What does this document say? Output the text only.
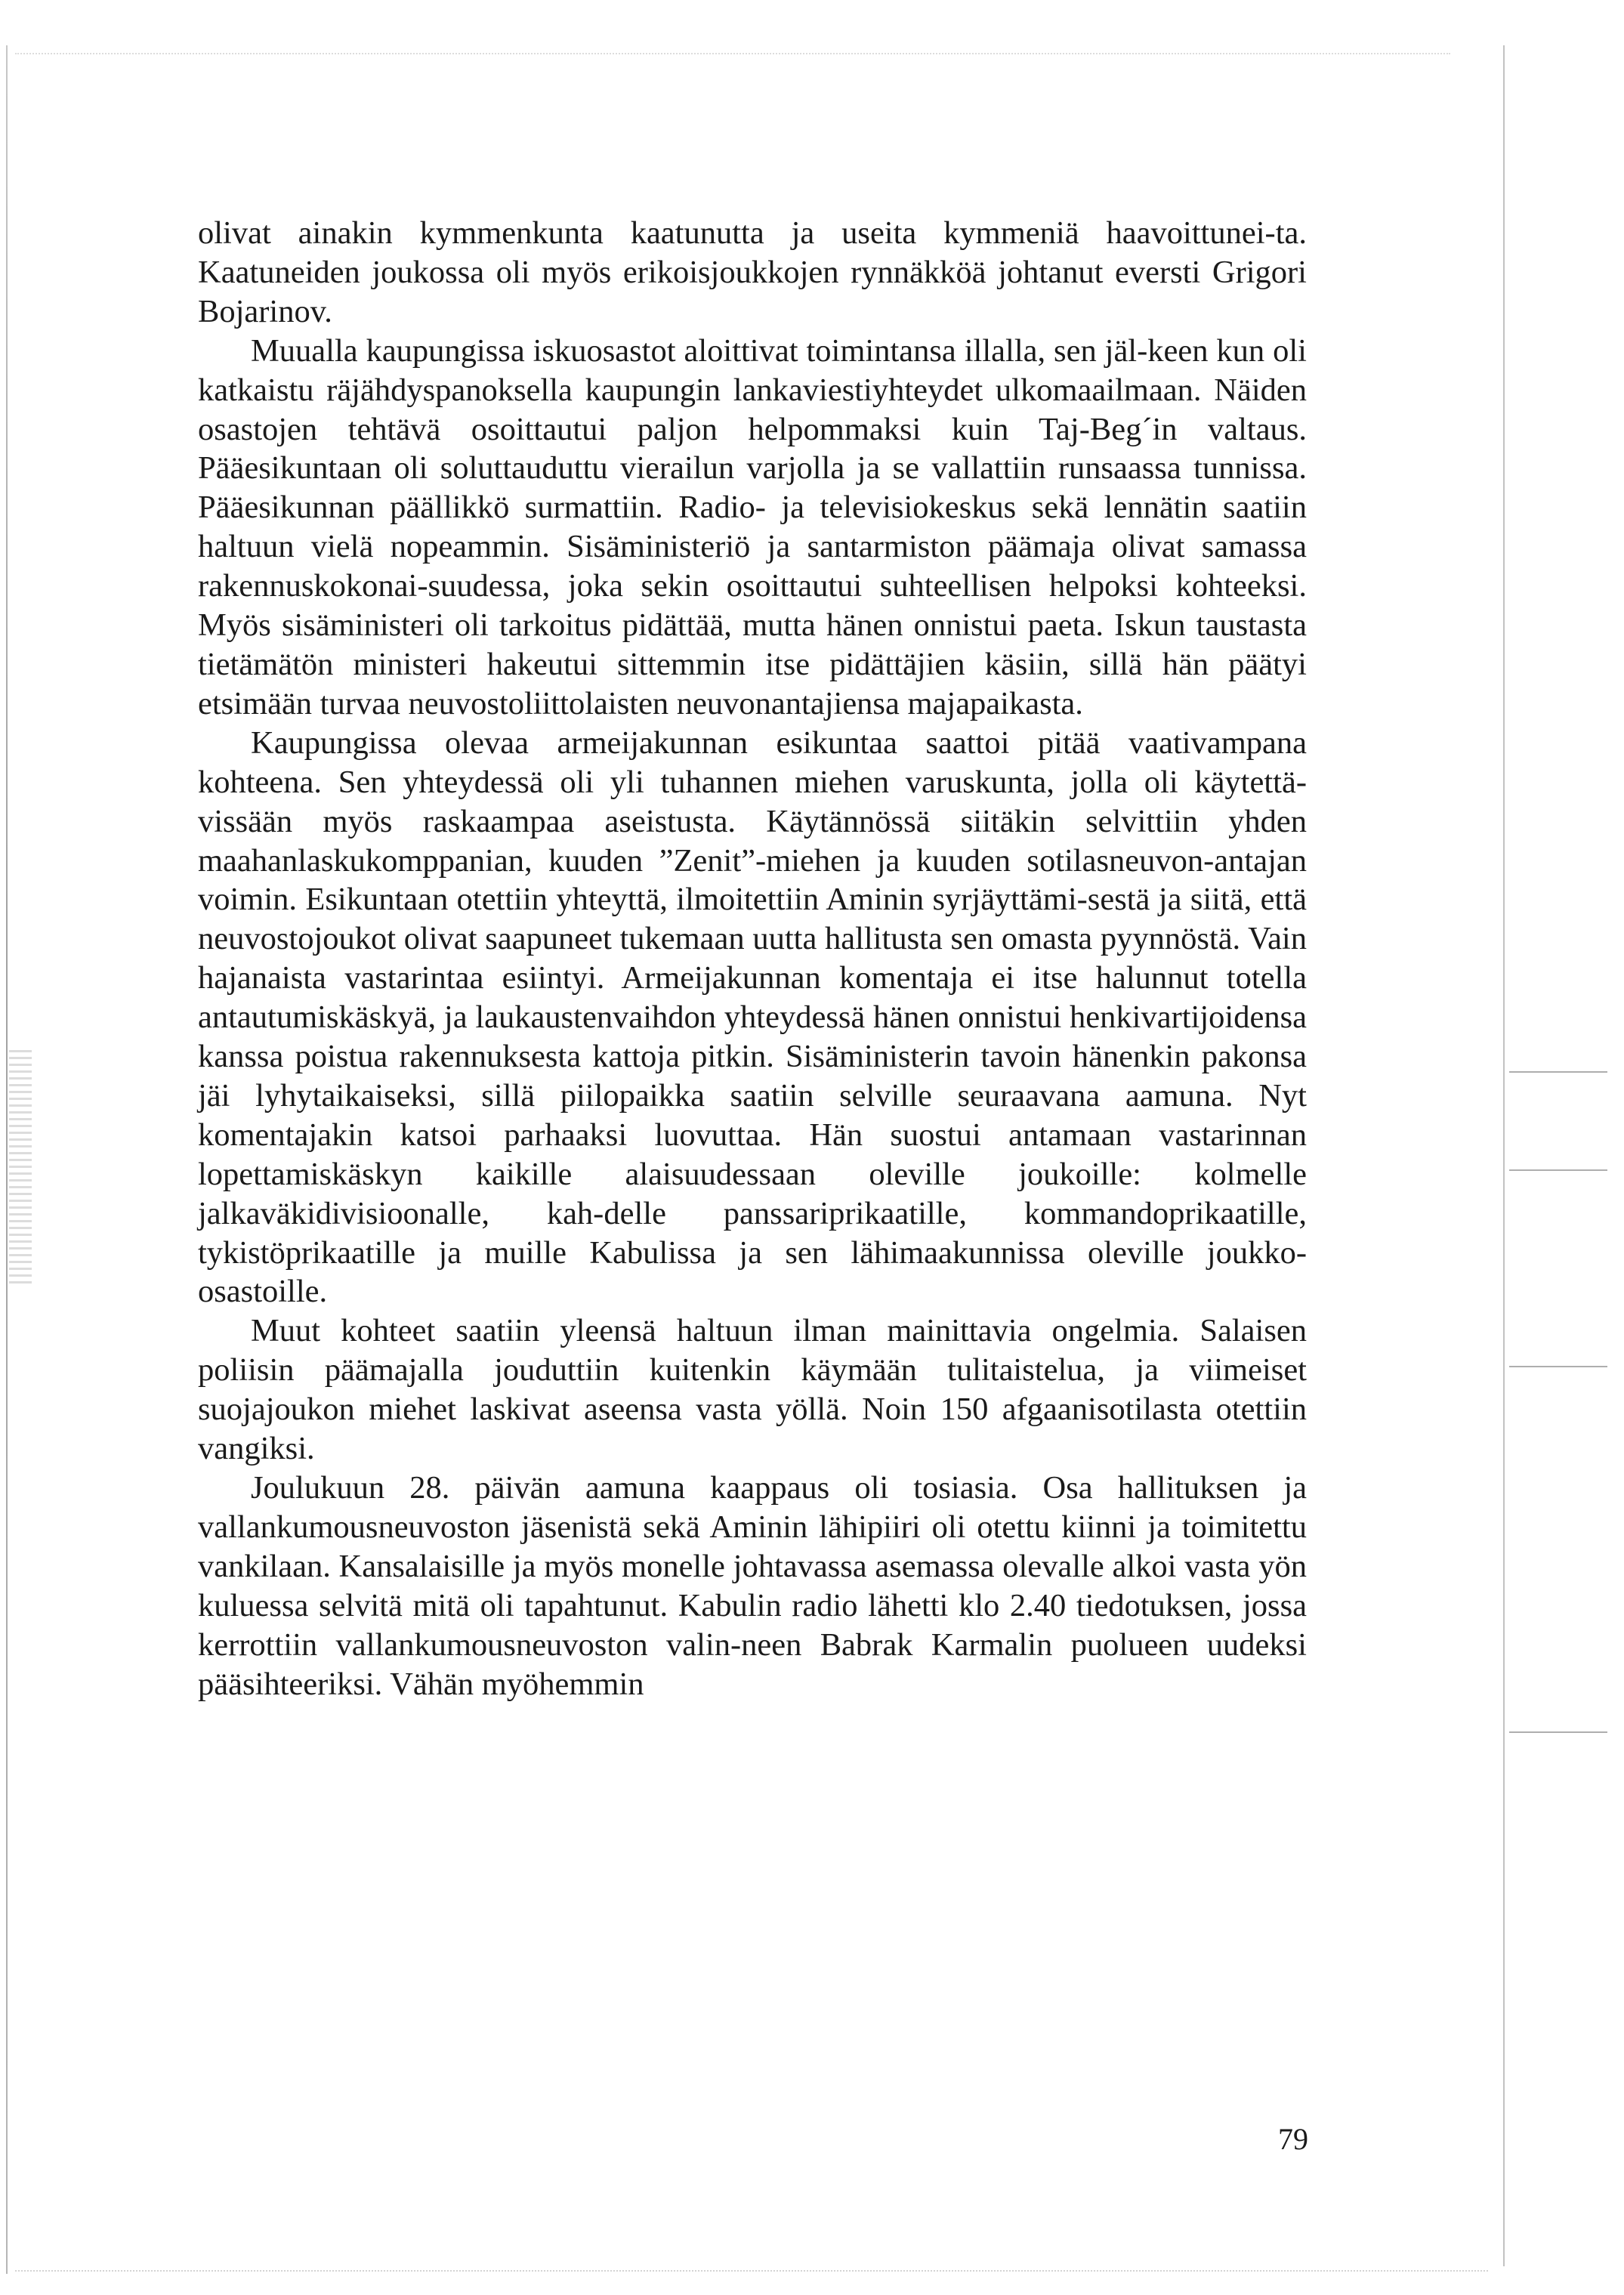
olivat ainakin kymmenkunta kaatunutta ja useita kymmeniä haavoittunei-ta. Kaatuneiden joukossa oli myös erikoisjoukkojen rynnäkköä johtanut eversti Grigori Bojarinov.

Muualla kaupungissa iskuosastot aloittivat toimintansa illalla, sen jäl-keen kun oli katkaistu räjähdyspanoksella kaupungin lankaviestiyhteydet ulkomaailmaan. Näiden osastojen tehtävä osoittautui paljon helpommaksi kuin Taj-Beg´in valtaus. Pääesikuntaan oli soluttauduttu vierailun varjolla ja se vallattiin runsaassa tunnissa. Pääesikunnan päällikkö surmattiin. Radio- ja televisiokeskus sekä lennätin saatiin haltuun vielä nopeammin. Sisäministeriö ja santarmiston päämaja olivat samassa rakennuskokonai-suudessa, joka sekin osoittautui suhteellisen helpoksi kohteeksi. Myös sisäministeri oli tarkoitus pidättää, mutta hänen onnistui paeta. Iskun taustasta tietämätön ministeri hakeutui sittemmin itse pidättäjien käsiin, sillä hän päätyi etsimään turvaa neuvostoliittolaisten neuvonantajiensa majapaikasta.

Kaupungissa olevaa armeijakunnan esikuntaa saattoi pitää vaativampana kohteena. Sen yhteydessä oli yli tuhannen miehen varuskunta, jolla oli käytettä-vissään myös raskaampaa aseistusta. Käytännössä siitäkin selvittiin yhden maahanlaskukomppanian, kuuden ”Zenit”-miehen ja kuuden sotilasneuvon-antajan voimin. Esikuntaan otettiin yhteyttä, ilmoitettiin Aminin syrjäyttämi-sestä ja siitä, että neuvostojoukot olivat saapuneet tukemaan uutta hallitusta sen omasta pyynnöstä. Vain hajanaista vastarintaa esiintyi. Armeijakunnan komentaja ei itse halunnut totella antautumiskäskyä, ja laukaustenvaihdon yhteydessä hänen onnistui henkivartijoidensa kanssa poistua rakennuksesta kattoja pitkin. Sisäministerin tavoin hänenkin pakonsa jäi lyhytaikaiseksi, sillä piilopaikka saatiin selville seuraavana aamuna. Nyt komentajakin katsoi parhaaksi luovuttaa. Hän suostui antamaan vastarinnan lopettamiskäskyn kaikille alaisuudessaan oleville joukoille: kolmelle jalkaväkidivisioonalle, kah-delle panssariprikaatille, kommandoprikaatille, tykistöprikaatille ja muille Kabulissa ja sen lähimaakunnissa oleville joukko-osastoille.

Muut kohteet saatiin yleensä haltuun ilman mainittavia ongelmia. Salaisen poliisin päämajalla jouduttiin kuitenkin käymään tulitaistelua, ja viimeiset suojajoukon miehet laskivat aseensa vasta yöllä. Noin 150 afgaanisotilasta otettiin vangiksi.

Joulukuun 28. päivän aamuna kaappaus oli tosiasia. Osa hallituksen ja vallankumousneuvoston jäsenistä sekä Aminin lähipiiri oli otettu kiinni ja toimitettu vankilaan. Kansalaisille ja myös monelle johtavassa asemassa olevalle alkoi vasta yön kuluessa selvitä mitä oli tapahtunut. Kabulin radio lähetti klo 2.40 tiedotuksen, jossa kerrottiin vallankumousneuvoston valin-neen Babrak Karmalin puolueen uudeksi pääsihteeriksi. Vähän myöhemmin

79
